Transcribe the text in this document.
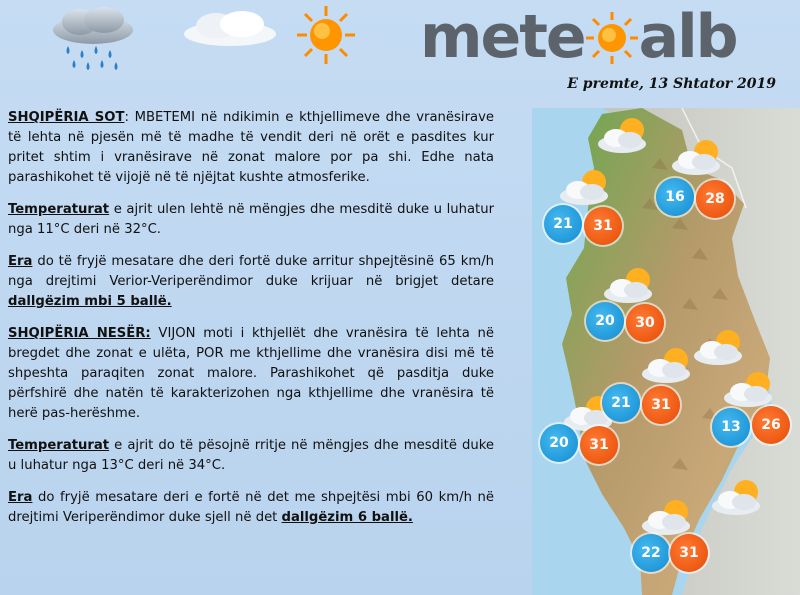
mete alb
E premte, 13 Shtator 2019

SHQIPËRIA SOT: MBETEMI në ndikimin e kthjellimeve dhe vranësirave të lehta në pjesën më të madhe të vendit deri në orët e pasdites kur pritet shtim i vranësirave në zonat malore por pa shi. Edhe nata parashikohet të vijojë në të njëjtat kushte atmosferike.

Temperaturat e ajrit ulen lehtë në mëngjes dhe mesditë duke u luhatur nga 11°C deri në 32°C.

Era do të fryjë mesatare dhe deri fortë duke arritur shpejtësinë 65 km/h nga drejtimi Verior-Veriperëndimor duke krijuar në brigjet detare dallgëzim mbi 5 ballë.

SHQIPËRIA NESËR: VIJON moti i kthjellët dhe vranësira të lehta në bregdet dhe zonat e ulëta, POR me kthjellime dhe vranësira disi më të shpeshta paraqiten zonat malore. Parashikohet që pasditja duke përfshirë dhe natën të karakterizohen nga kthjellime dhe vranësira të herë pas-herëshme.

Temperaturat e ajrit do të pësojnë rritje në mëngjes dhe mesditë duke u luhatur nga 13°C deri në 34°C.

Era do fryjë mesatare deri e fortë në det me shpejtësi mbi 60 km/h në drejtimi Veriperëndimor duke sjell në det dallgëzim 6 ballë.

21	31
16	28
20	30
21	31
13	26
20	31
22	31
